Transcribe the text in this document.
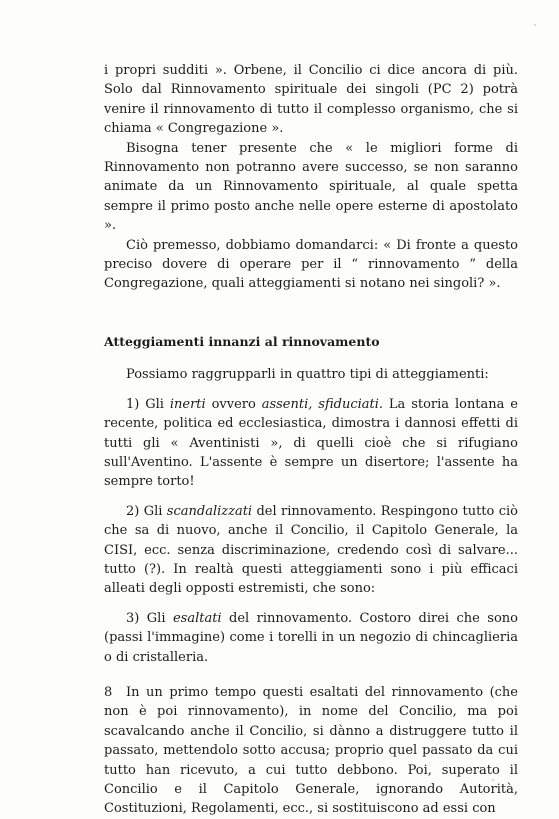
i propri sudditi ». Orbene, il Concilio ci dice ancora di più. Solo dal Rinnovamento spirituale dei singoli (PC 2) potrà venire il rinnovamento di tutto il complesso organismo, che si chiama « Congregazione ».

Bisogna tener presente che « le migliori forme di Rinnovamento non potranno avere successo, se non saranno animate da un Rinnovamento spirituale, al quale spetta sempre il primo posto anche nelle opere esterne di apostolato ».

Ciò premesso, dobbiamo domandarci: « Di fronte a questo preciso dovere di operare per il “ rinnovamento ” della Congregazione, quali atteggiamenti si notano nei singoli? ».

Atteggiamenti innanzi al rinnovamento

Possiamo raggrupparli in quattro tipi di atteggiamenti:

1) Gli inerti ovvero assenti, sfiduciati. La storia lontana e recente, politica ed ecclesiastica, dimostra i dannosi effetti di tutti gli « Aventinisti », di quelli cioè che si rifugiano sull'Aventino. L'assente è sempre un disertore; l'assente ha sempre torto!

2) Gli scandalizzati del rinnovamento. Respingono tutto ciò che sa di nuovo, anche il Concilio, il Capitolo Generale, la CISI, ecc. senza discriminazione, credendo così di salvare... tutto (?). In realtà questi atteggiamenti sono i più efficaci alleati degli opposti estremisti, che sono:

3) Gli esaltati del rinnovamento. Costoro direi che sono (passi l'immagine) come i torelli in un negozio di chincaglieria o di cristalleria.

In un primo tempo questi esaltati del rinnovamento (che non è poi rinnovamento), in nome del Concilio, ma poi scavalcando anche il Concilio, si dànno a distruggere tutto il passato, mettendolo sotto accusa; proprio quel passato da cui tutto han ricevuto, a cui tutto debbono. Poi, superato il Concilio e il Capitolo Generale, ignorando Autorità, Costituzioni, Regolamenti, ecc., si sostituiscono ad essi con

8
